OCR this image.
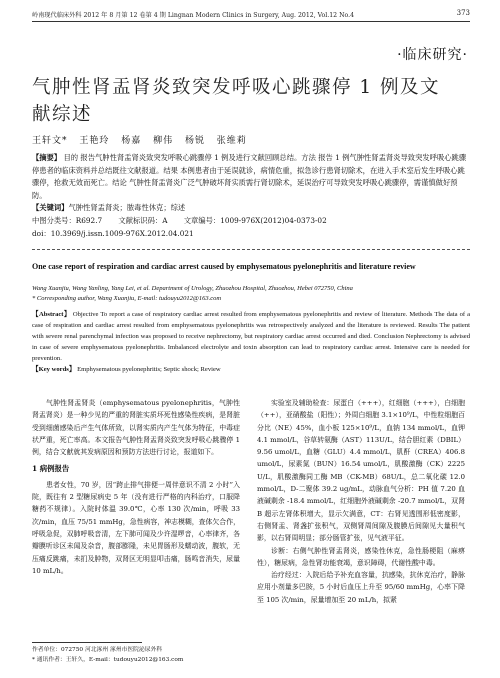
岭南现代临床外科 2012 年 8 月第 12 卷第 4 期 Lingnan Modern Clinics in Surgery, Aug. 2012, Vol.12 No.4	373
·临床研究·
气肿性肾盂肾炎致突发呼吸心跳骤停 1 例及文献综述
王轩文* 王艳玲 杨嘉 柳伟 杨锐 张维莉

【摘要】 目的 报告气肿性肾盂肾炎致突发呼吸心跳骤停 1 例及进行文献回顾总结。方法 报告 1 例气肿性肾盂肾炎导致突发呼吸心跳骤停患者的临床资料并总结既往文献报道。结果 本例患者由于延误就诊，病情危重，拟急诊行患肾切除术，在进入手术室后发生呼吸心跳骤停，抢救无效而死亡。结论 气肿性肾盂肾炎广泛气肿破坏肾实质需行肾切除术，延误治疗可导致突发呼吸心跳骤停，需谨慎做好预防。

【关键词】气肿性肾盂肾炎；脓毒性休克；综述

中图分类号：R692.7 文献标识码：A 文章编号：1009-976X(2012)04-0373-02

doi：10.3969/j.issn.1009-976X.2012.04.021

One case report of respiration and cardiac arrest caused by emphysematous pyelonephritis and literature review
Wang Xuanjiu, Wang Yanling, Yang Lei, et al. Department of Urology, Zhuozhou Hospital, Zhuozhou, Hebei 072750, China
* Corresponding author, Wang Xuanjiu, E-mail: tudouyu2012@163.com

【Abstract】 Objective To report a case of respiratory cardiac arrest resulted from emphysematous pyelonephritis and review of literature. Methods The data of a case of respiration and cardiac arrest resulted from emphysematous pyelonephritis was retrospectively analyzed and the literature is reviewed. Results The patient with severe renal parenchymal infection was proposed to receive nephrectomy, but respiratory cardiac arrest occurred and died. Conclusion Nephrectomy is advised in case of severe emphysematous pyelonephritis. Imbalanced electrolyte and toxin absorption can lead to respiratory cardiac arrest. Intensive care is needed for prevention.

【Key words】 Emphysematous pyelonephritis; Septic shock; Review

气肿性肾盂肾炎（emphysematous pyelonephritis，气肿性肾盂肾炎）是一种少见的严重的肾脏实质坏死性感染性疾病，是肾脏受到细菌感染后产生气体所致，以肾实质内产生气体为特征，中毒症状严重，死亡率高。本文报告气肿性肾盂肾炎致突发呼吸心跳骤停 1 例，结合文献就其发病原因和预防方法进行讨论，报道如下。

1 病例报告

患者女性，70 岁，因“跨止排气排便一周伴意识不清 2 小时”入院，既往有 2 型糖尿病史 5 年（没有进行严格的内科治疗，口服降糖药不规律）。入院时体温 39.0℃，心率 130 次/min，呼吸 33 次/min，血压 75/51 mmHg，急性病容，神志模糊，查体欠合作，呼吸急促，双肺呼吸音清，左下肺可闻及少许湿啰音，心率律齐，各瓣膜听诊区未闻及杂音，腹部膨隆，未见胃肠形及蠕动波，腹软，无压痛反跳痛，未扪及肿物，双肾区无明显叩击痛，肠鸣音消失，尿量 10 mL/h。

实验室及辅助检查：尿蛋白（+++），红细胞（+++），白细胞（++），亚硝酸盐（阳性）；外周白细胞 3.1×10⁹/L，中性粒细胞百分比（NE）45%，血小板 125×10⁹/L，血钠 134 mmol/L，血钾 4.1 mmol/L，谷草转氨酶（AST）113U/L，结合胆红素（DBIL）9.56 umol/L，血糖（GLU）4.4 mmol/L，肌酐（CREA）406.8 umol/L，尿素氮（BUN）16.54 umol/L，肌酸激酶（CK）2225 U/L，肌酸激酶同工酶 MB（CK-MB）68U/L，总二氧化碳 12.0 mmol/L，D-二聚体 39.2 ug/mL，动脉血气分析：PH 值 7.20 血液碱剩余 -18.4 mmol/L，红细胞外液碱剩余 -20.7 mmol/L，双肾 B 超示左肾体积增大，显示欠满意，CT：右肾见透围形低密度影，右侧肾盂、肾盏扩张积气，双侧肾周间隙及腹膜后间隙见大量积气影，以右肾周明显；部分肠管扩张，见气液平征。

诊断：右侧气肿性肾盂肾炎，感染性休克，急性肠梗阻（麻痹性），糖尿病，急性肾功能衰竭，意识障碍，代谢性酸中毒。

治疗经过：入院后给予补充血容量，抗感染，抗休克治疗，静脉应用小剂量多巴胺，5 小时后血压上升至 95/60 mmHg，心率下降至 105 次/min，尿量增加至 20 mL/h，拟紧

作者单位：072750 河北涿州 涿州市医院泌尿外科
* 通讯作者：王轩久，E-mail：tudouyu2012@163.com
